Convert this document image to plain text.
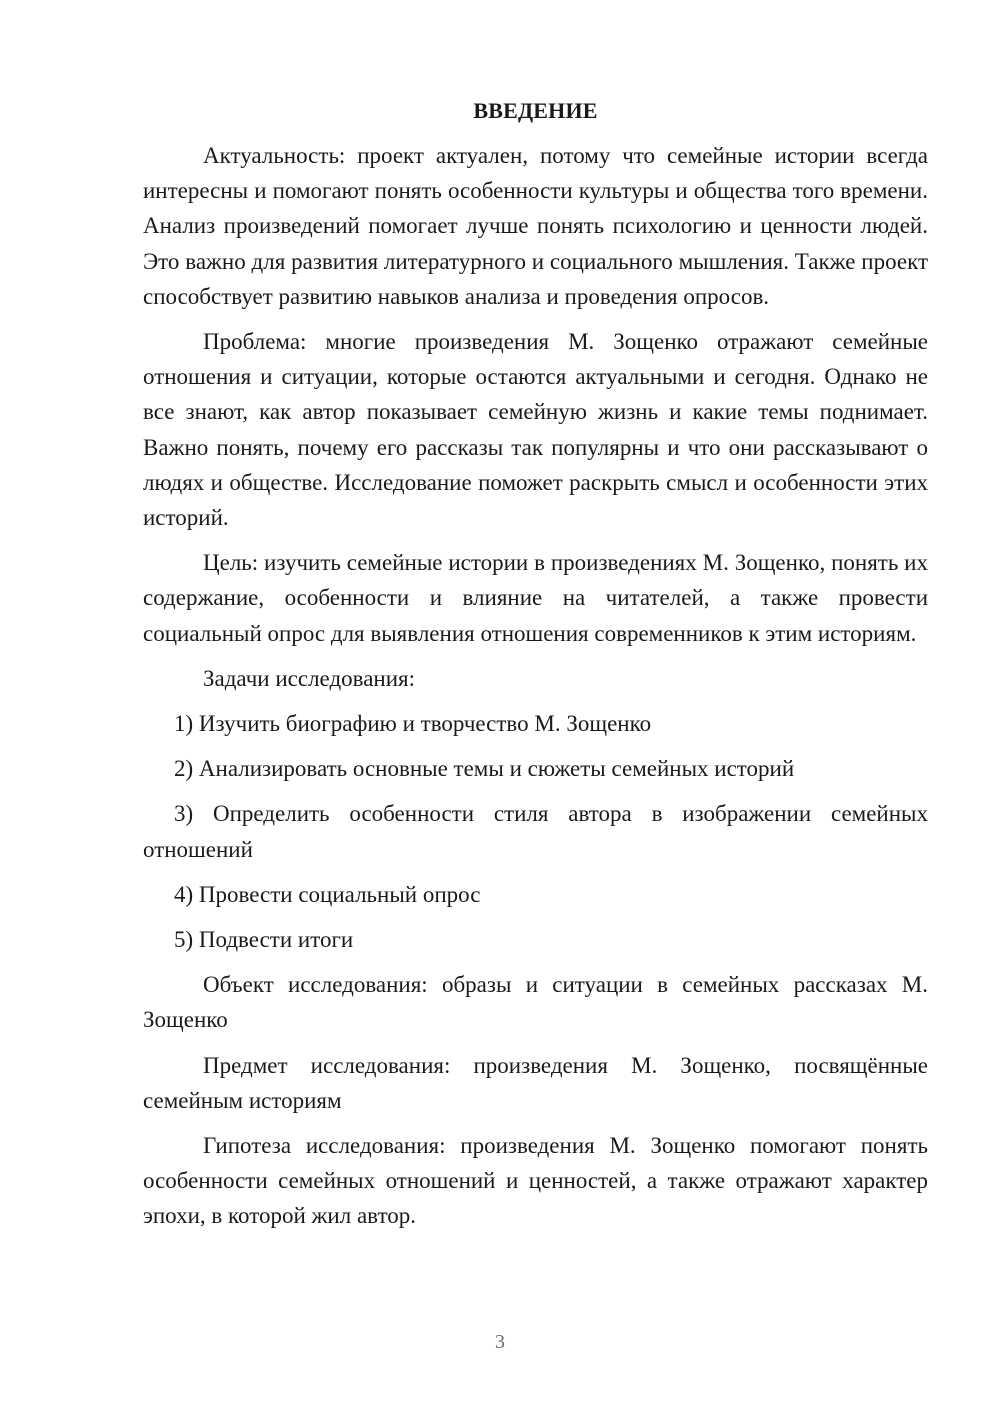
ВВЕДЕНИЕ

Актуальность: проект актуален, потому что семейные истории всегда интересны и помогают понять особенности культуры и общества того времени. Анализ произведений помогает лучше понять психологию и ценности людей. Это важно для развития литературного и социального мышления. Также проект способствует развитию навыков анализа и проведения опросов.

Проблема: многие произведения М. Зощенко отражают семейные отношения и ситуации, которые остаются актуальными и сегодня. Однако не все знают, как автор показывает семейную жизнь и какие темы поднимает. Важно понять, почему его рассказы так популярны и что они рассказывают о людях и обществе. Исследование поможет раскрыть смысл и особенности этих историй.

Цель: изучить семейные истории в произведениях М. Зощенко, понять их содержание, особенности и влияние на читателей, а также провести социальный опрос для выявления отношения современников к этим историям.

Задачи исследования:

1) Изучить биографию и творчество М. Зощенко

2) Анализировать основные темы и сюжеты семейных историй

3) Определить особенности стиля автора в изображении семейных отношений

4) Провести социальный опрос

5) Подвести итоги

Объект исследования: образы и ситуации в семейных рассказах М. Зощенко

Предмет исследования: произведения М. Зощенко, посвящённые семейным историям

Гипотеза исследования: произведения М. Зощенко помогают понять особенности семейных отношений и ценностей, а также отражают характер эпохи, в которой жил автор.

3
